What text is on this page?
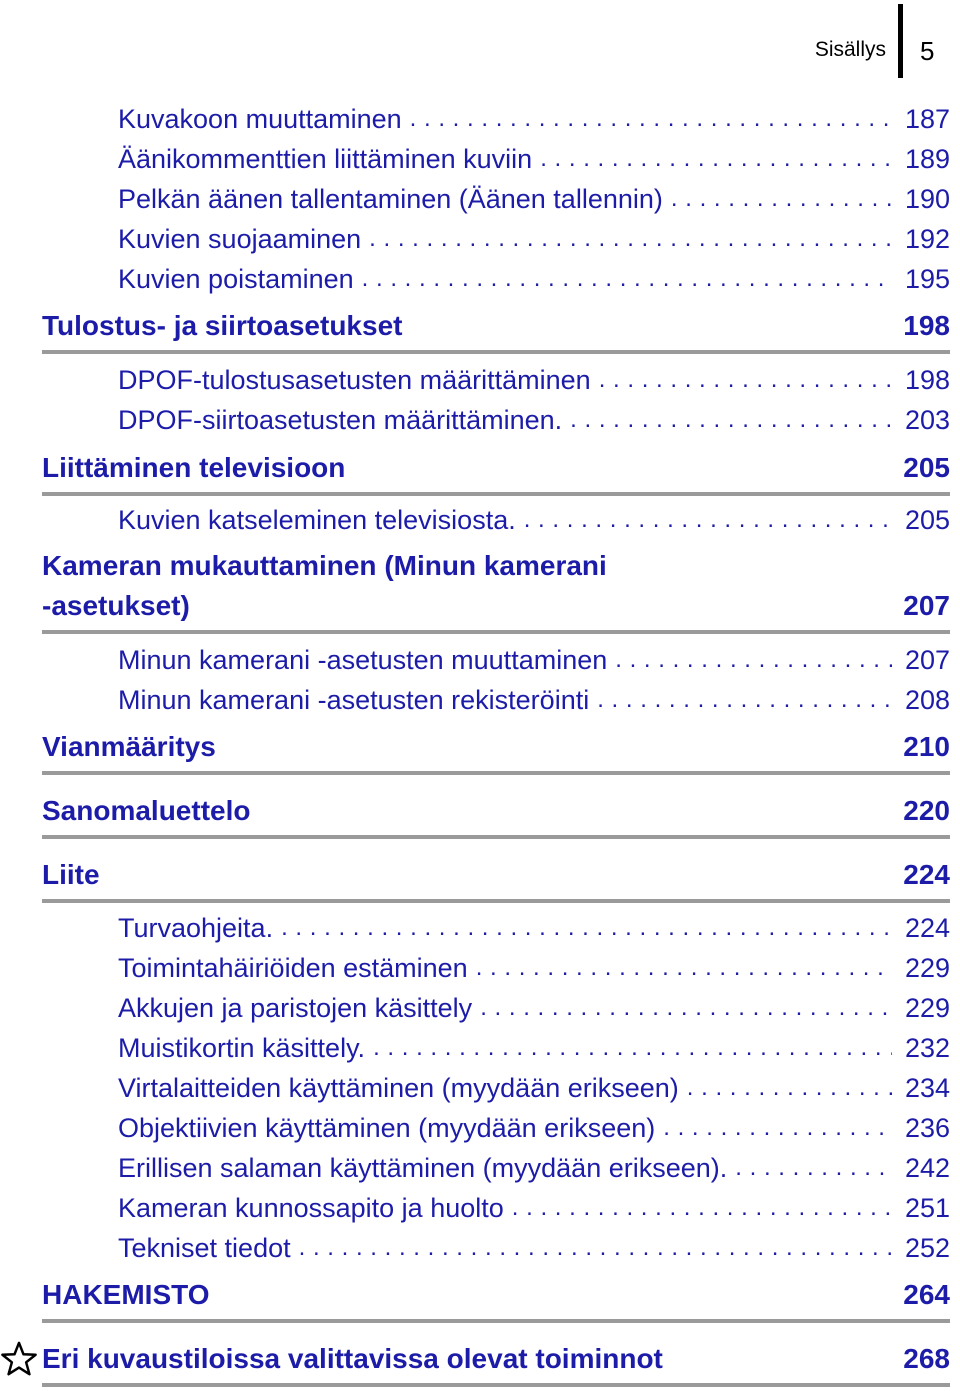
Sisällys 5
Kuvakoon muuttaminen . . .	187
Äänikommenttien liittäminen kuviin . . .	189
Pelkän äänen tallentaminen (Äänen tallennin) . . .	190
Kuvien suojaaminen . . .	192
Kuvien poistaminen . . .	195
Tulostus- ja siirtoasetukset	198
DPOF-tulostusasetusten määrittäminen . . .	198
DPOF-siirtoasetusten määrittäminen. . . .	203
Liittäminen televisioon	205
Kuvien katseleminen televisiosta. . . .	205
Kameran mukauttaminen (Minun kamerani
-asetukset)	207
Minun kamerani -asetusten muuttaminen . . .	207
Minun kamerani -asetusten rekisteröinti . . .	208
Vianmääritys	210
Sanomaluettelo	220
Liite	224
Turvaohjeita. . . .	224
Toimintahäiriöiden estäminen . . .	229
Akkujen ja paristojen käsittely . . .	229
Muistikortin käsittely. . . .	232
Virtalaitteiden käyttäminen (myydään erikseen) . . .	234
Objektiivien käyttäminen (myydään erikseen) . . .	236
Erillisen salaman käyttäminen (myydään erikseen). . . .	242
Kameran kunnossapito ja huolto . . .	251
Tekniset tiedot . . .	252
HAKEMISTO	264
Eri kuvaustiloissa valittavissa olevat toiminnot	268
